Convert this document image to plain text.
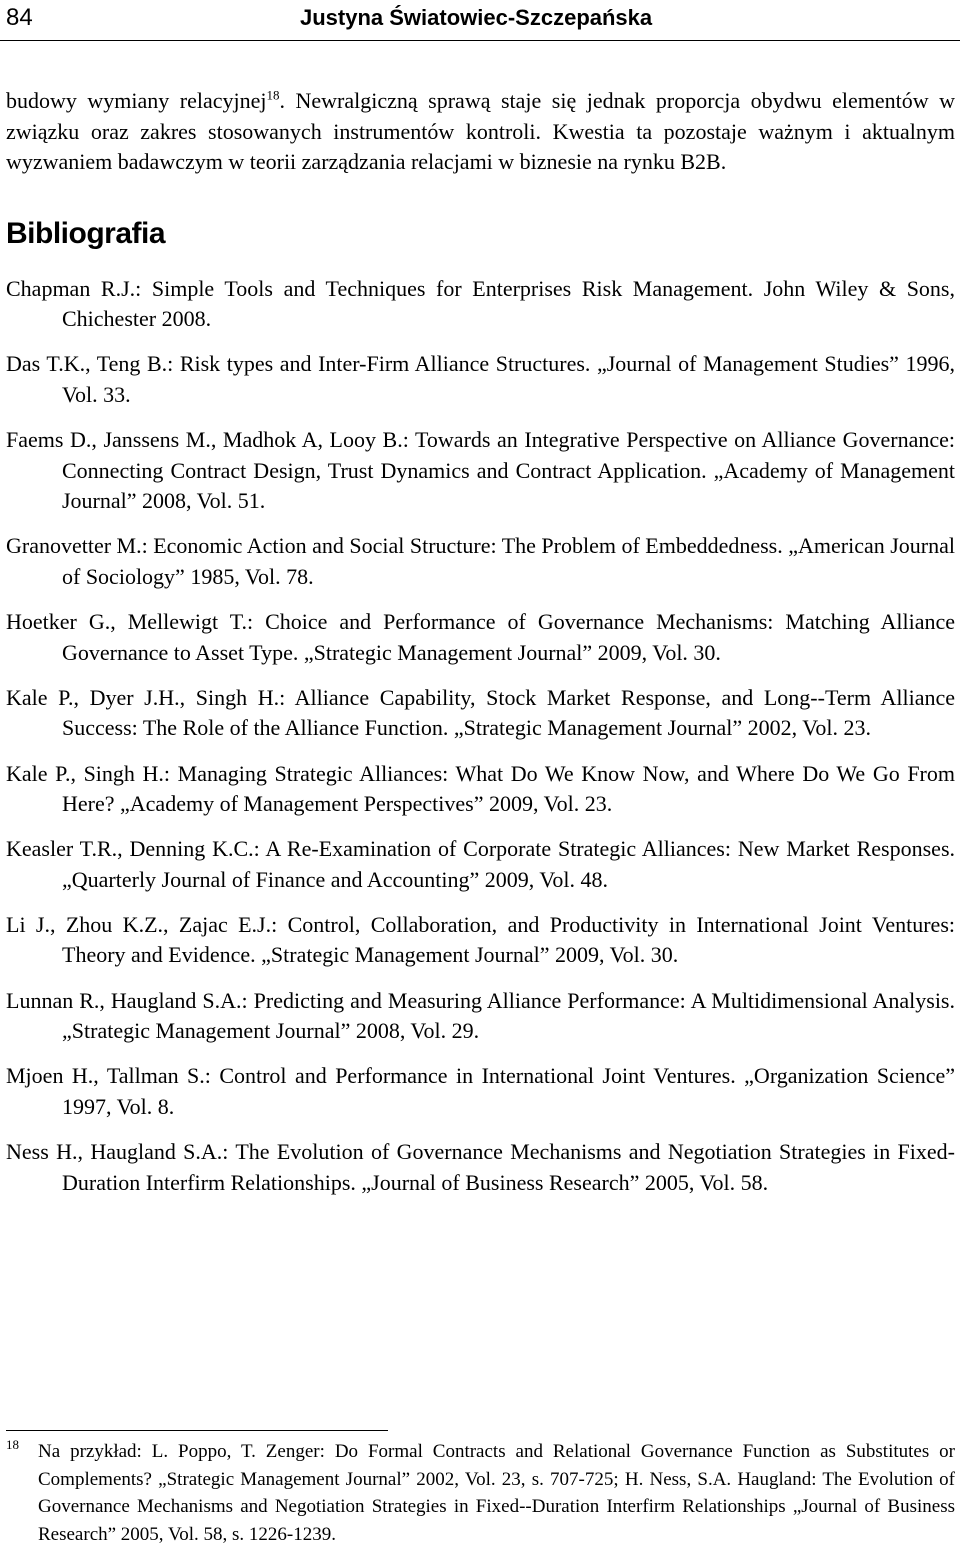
84	Justyna Światowiec-Szczepańska

budowy wymiany relacyjnej$^{18}$. Newralgiczną sprawą staje się jednak proporcja obydwu elementów w związku oraz zakres stosowanych instrumentów kontroli. Kwestia ta pozostaje ważnym i aktualnym wyzwaniem badawczym w teorii zarządzania relacjami w biznesie na rynku B2B.

Bibliografia
Chapman R.J.: Simple Tools and Techniques for Enterprises Risk Management. John Wiley & Sons, Chichester 2008.
Das T.K., Teng B.: Risk types and Inter-Firm Alliance Structures. „Journal of Management Studies” 1996, Vol. 33.
Faems D., Janssens M., Madhok A, Looy B.: Towards an Integrative Perspective on Alliance Governance: Connecting Contract Design, Trust Dynamics and Contract Application. „Academy of Management Journal” 2008, Vol. 51.
Granovetter M.: Economic Action and Social Structure: The Problem of Embeddedness. „American Journal of Sociology” 1985, Vol. 78.
Hoetker G., Mellewigt T.: Choice and Performance of Governance Mechanisms: Matching Alliance Governance to Asset Type. „Strategic Management Journal” 2009, Vol. 30.
Kale P., Dyer J.H., Singh H.: Alliance Capability, Stock Market Response, and Long--Term Alliance Success: The Role of the Alliance Function. „Strategic Management Journal” 2002, Vol. 23.
Kale P., Singh H.: Managing Strategic Alliances: What Do We Know Now, and Where Do We Go From Here? „Academy of Management Perspectives” 2009, Vol. 23.
Keasler T.R., Denning K.C.: A Re-Examination of Corporate Strategic Alliances: New Market Responses. „Quarterly Journal of Finance and Accounting” 2009, Vol. 48.
Li J., Zhou K.Z., Zajac E.J.: Control, Collaboration, and Productivity in International Joint Ventures: Theory and Evidence. „Strategic Management Journal” 2009, Vol. 30.
Lunnan R., Haugland S.A.: Predicting and Measuring Alliance Performance: A Multidimensional Analysis. „Strategic Management Journal” 2008, Vol. 29.
Mjoen H., Tallman S.: Control and Performance in International Joint Ventures. „Organization Science” 1997, Vol. 8.
Ness H., Haugland S.A.: The Evolution of Governance Mechanisms and Negotiation Strategies in Fixed-Duration Interfirm Relationships. „Journal of Business Research” 2005, Vol. 58.
18	Na przykład: L. Poppo, T. Zenger: Do Formal Contracts and Relational Governance Function as Substitutes or Complements? „Strategic Management Journal” 2002, Vol. 23, s. 707-725; H. Ness, S.A. Haugland: The Evolution of Governance Mechanisms and Negotiation Strategies in Fixed--Duration Interfirm Relationships „Journal of Business Research” 2005, Vol. 58, s. 1226-1239.
